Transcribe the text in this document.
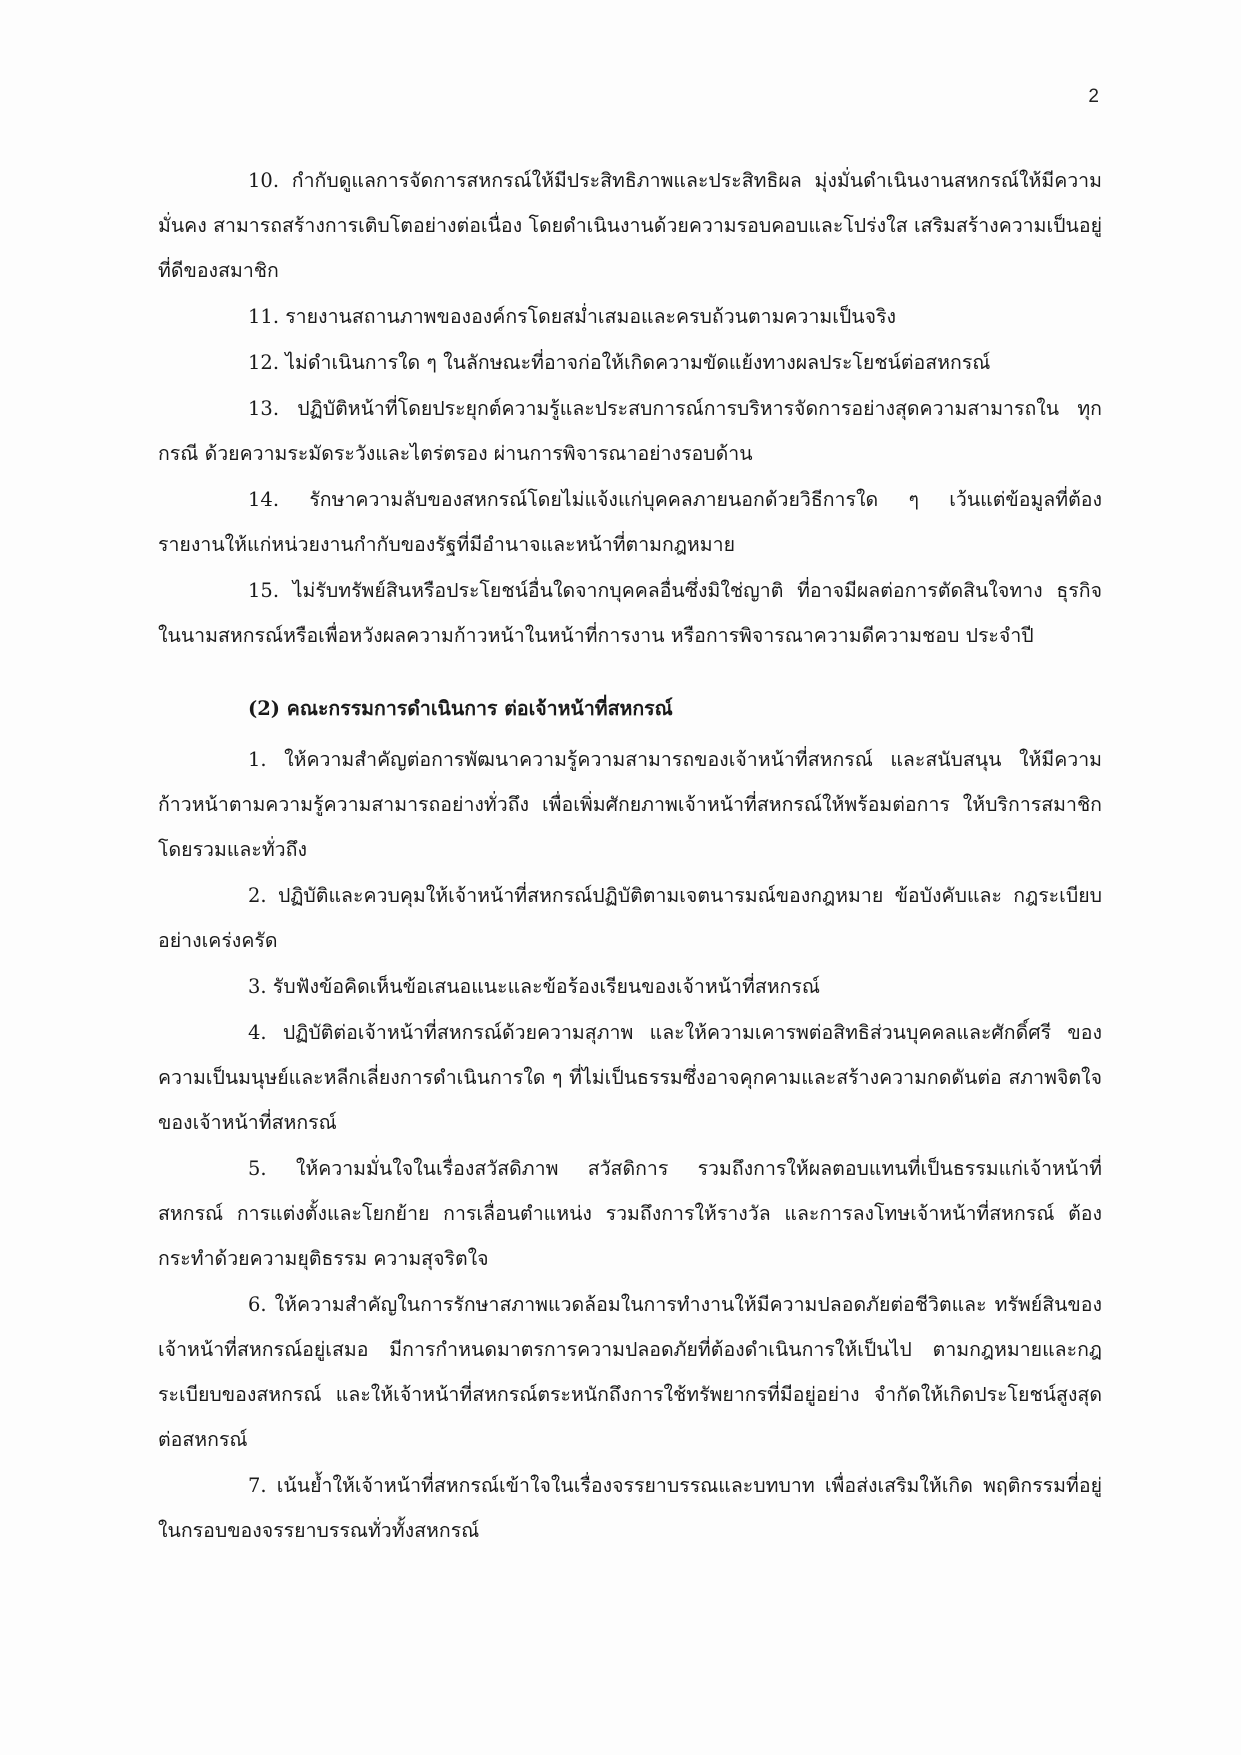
2

10. กำกับดูแลการจัดการสหกรณ์ให้มีประสิทธิภาพและประสิทธิผล มุ่งมั่นดำเนินงานสหกรณ์ให้มีความมั่นคง สามารถสร้างการเติบโตอย่างต่อเนื่อง โดยดำเนินงานด้วยความรอบคอบและโปร่งใส เสริมสร้างความเป็นอยู่ที่ดีของสมาชิก

11. รายงานสถานภาพขององค์กรโดยสม่ำเสมอและครบถ้วนตามความเป็นจริง

12. ไม่ดำเนินการใด ๆ ในลักษณะที่อาจก่อให้เกิดความขัดแย้งทางผลประโยชน์ต่อสหกรณ์

13. ปฏิบัติหน้าที่โดยประยุกต์ความรู้และประสบการณ์การบริหารจัดการอย่างสุดความสามารถใน ทุกกรณี ด้วยความระมัดระวังและไตร่ตรอง ผ่านการพิจารณาอย่างรอบด้าน

14. รักษาความลับของสหกรณ์โดยไม่แจ้งแก่บุคคลภายนอกด้วยวิธีการใด ๆ เว้นแต่ข้อมูลที่ต้อง รายงานให้แก่หน่วยงานกำกับของรัฐที่มีอำนาจและหน้าที่ตามกฎหมาย

15. ไม่รับทรัพย์สินหรือประโยชน์อื่นใดจากบุคคลอื่นซึ่งมิใช่ญาติ ที่อาจมีผลต่อการตัดสินใจทาง ธุรกิจในนามสหกรณ์หรือเพื่อหวังผลความก้าวหน้าในหน้าที่การงาน หรือการพิจารณาความดีความชอบ ประจำปี

(2) คณะกรรมการดำเนินการ ต่อเจ้าหน้าที่สหกรณ์

1. ให้ความสำคัญต่อการพัฒนาความรู้ความสามารถของเจ้าหน้าที่สหกรณ์ และสนับสนุน ให้มีความก้าวหน้าตามความรู้ความสามารถอย่างทั่วถึง เพื่อเพิ่มศักยภาพเจ้าหน้าที่สหกรณ์ให้พร้อมต่อการ ให้บริการสมาชิกโดยรวมและทั่วถึง

2. ปฏิบัติและควบคุมให้เจ้าหน้าที่สหกรณ์ปฏิบัติตามเจตนารมณ์ของกฎหมาย ข้อบังคับและ กฎระเบียบอย่างเคร่งครัด

3. รับฟังข้อคิดเห็นข้อเสนอแนะและข้อร้องเรียนของเจ้าหน้าที่สหกรณ์

4. ปฏิบัติต่อเจ้าหน้าที่สหกรณ์ด้วยความสุภาพ และให้ความเคารพต่อสิทธิส่วนบุคคลและศักดิ์ศรี ของความเป็นมนุษย์และหลีกเลี่ยงการดำเนินการใด ๆ ที่ไม่เป็นธรรมซึ่งอาจคุกคามและสร้างความกดดันต่อ สภาพจิตใจของเจ้าหน้าที่สหกรณ์

5. ให้ความมั่นใจในเรื่องสวัสดิภาพ สวัสดิการ รวมถึงการให้ผลตอบแทนที่เป็นธรรมแก่เจ้าหน้าที่ สหกรณ์ การแต่งตั้งและโยกย้าย การเลื่อนตำแหน่ง รวมถึงการให้รางวัล และการลงโทษเจ้าหน้าที่สหกรณ์ ต้องกระทำด้วยความยุติธรรม ความสุจริตใจ

6. ให้ความสำคัญในการรักษาสภาพแวดล้อมในการทำงานให้มีความปลอดภัยต่อชีวิตและ ทรัพย์สินของเจ้าหน้าที่สหกรณ์อยู่เสมอ มีการกำหนดมาตรการความปลอดภัยที่ต้องดำเนินการให้เป็นไป ตามกฎหมายและกฎระเบียบของสหกรณ์ และให้เจ้าหน้าที่สหกรณ์ตระหนักถึงการใช้ทรัพยากรที่มีอยู่อย่าง จำกัดให้เกิดประโยชน์สูงสุดต่อสหกรณ์

7. เน้นย้ำให้เจ้าหน้าที่สหกรณ์เข้าใจในเรื่องจรรยาบรรณและบทบาท เพื่อส่งเสริมให้เกิด พฤติกรรมที่อยู่ในกรอบของจรรยาบรรณทั่วทั้งสหกรณ์
